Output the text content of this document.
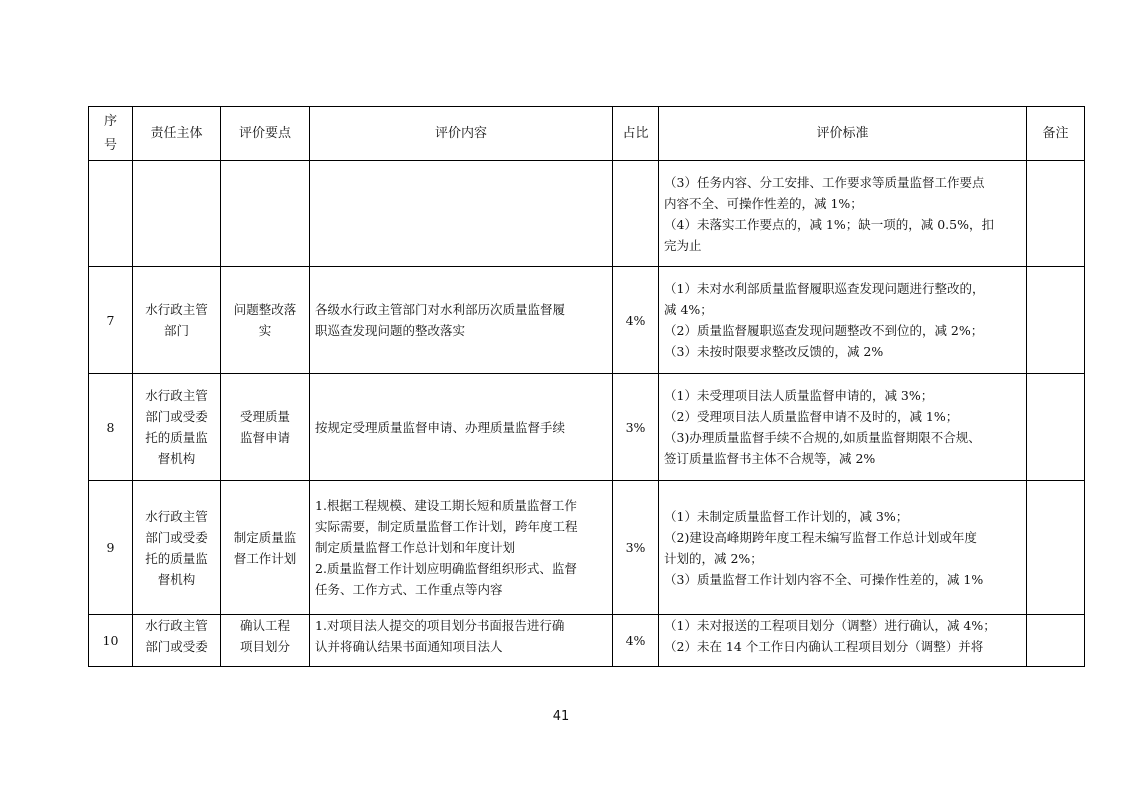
序
号	责任主体	评价要点	评价内容	占比	评价标准	备注

					（3）任务内容、分工安排、工作要求等质量监督工作要点
内容不全、可操作性差的，减 1%；
（4）未落实工作要点的，减 1%；缺一项的，减 0.5%，扣
完为止	

7	水行政主管
部门	问题整改落
实	各级水行政主管部门对水利部历次质量监督履
职巡查发现问题的整改落实	4%	（1）未对水利部质量监督履职巡查发现问题进行整改的，
减 4%；
（2）质量监督履职巡查发现问题整改不到位的，减 2%；
（3）未按时限要求整改反馈的，减 2%	

8	水行政主管
部门或受委
托的质量监
督机构	受理质量
监督申请	按规定受理质量监督申请、办理质量监督手续	3%	（1）未受理项目法人质量监督申请的，减 3%；
（2）受理项目法人质量监督申请不及时的，减 1%；
（3)办理质量监督手续不合规的,如质量监督期限不合规、
签订质量监督书主体不合规等，减 2%	

9	水行政主管
部门或受委
托的质量监
督机构	制定质量监
督工作计划	1.根据工程规模、建设工期长短和质量监督工作
实际需要，制定质量监督工作计划，跨年度工程
制定质量监督工作总计划和年度计划
2.质量监督工作计划应明确监督组织形式、监督
任务、工作方式、工作重点等内容	3%	（1）未制定质量监督工作计划的，减 3%；
（2)建设高峰期跨年度工程未编写监督工作总计划或年度
计划的，减 2%；
（3）质量监督工作计划内容不全、可操作性差的，减 1%	

10	水行政主管
部门或受委	确认工程
项目划分	1.对项目法人提交的项目划分书面报告进行确
认并将确认结果书面通知项目法人	4%	（1）未对报送的工程项目划分（调整）进行确认，减 4%；
（2）未在 14 个工作日内确认工程项目划分（调整）并将	

41
